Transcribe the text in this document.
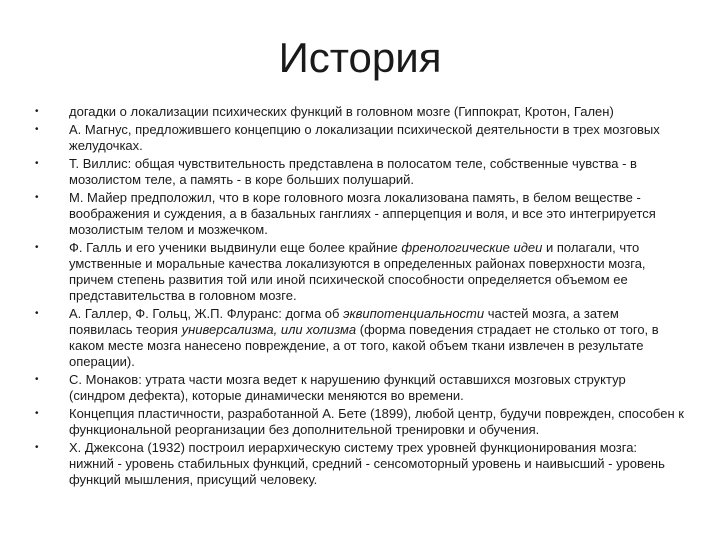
История
•	догадки о локализации психических функций в головном мозге (Гиппократ, Кротон, Гален)
•	А. Магнус, предложившего концепцию о локализации психической деятельности в трех мозговых желудочках.
•	Т. Виллис: общая чувствительность представлена в полосатом теле, собственные чувства - в мозолистом теле, а память - в коре больших полушарий.
•	М. Майер предположил, что в коре головного мозга локализована память, в белом веществе - воображения и суждения, а в базальных ганглиях - апперцепция и воля, и все это интегрируется мозолистым телом и мозжечком.
•	Ф. Галль и его ученики выдвинули еще более крайние френологические идеи и полагали, что умственные и моральные качества локализуются в определенных районах поверхности мозга, причем степень развития той или иной психической способности определяется объемом ее представительства в головном мозге.
•	А. Галлер, Ф. Гольц, Ж.П. Флуранс: догма об эквипотенциальности частей мозга, а затем появилась теория универсализма, или холизма (форма поведения страдает не столько от того, в каком месте мозга нанесено повреждение, а от того, какой объем ткани извлечен в результате операции).
•	С. Монаков: утрата части мозга ведет к нарушению функций оставшихся мозговых структур (синдром дефекта), которые динамически меняются во времени.
•	Концепция пластичности, разработанной А. Бете (1899), любой центр, будучи поврежден, способен к функциональной реорганизации без дополнительной тренировки и обучения.
•	Х. Джексона (1932) построил иерархическую систему трех уровней функционирования мозга: нижний - уровень стабильных функций, средний - сенсомоторный уровень и наивысший - уровень функций мышления, присущий человеку.
